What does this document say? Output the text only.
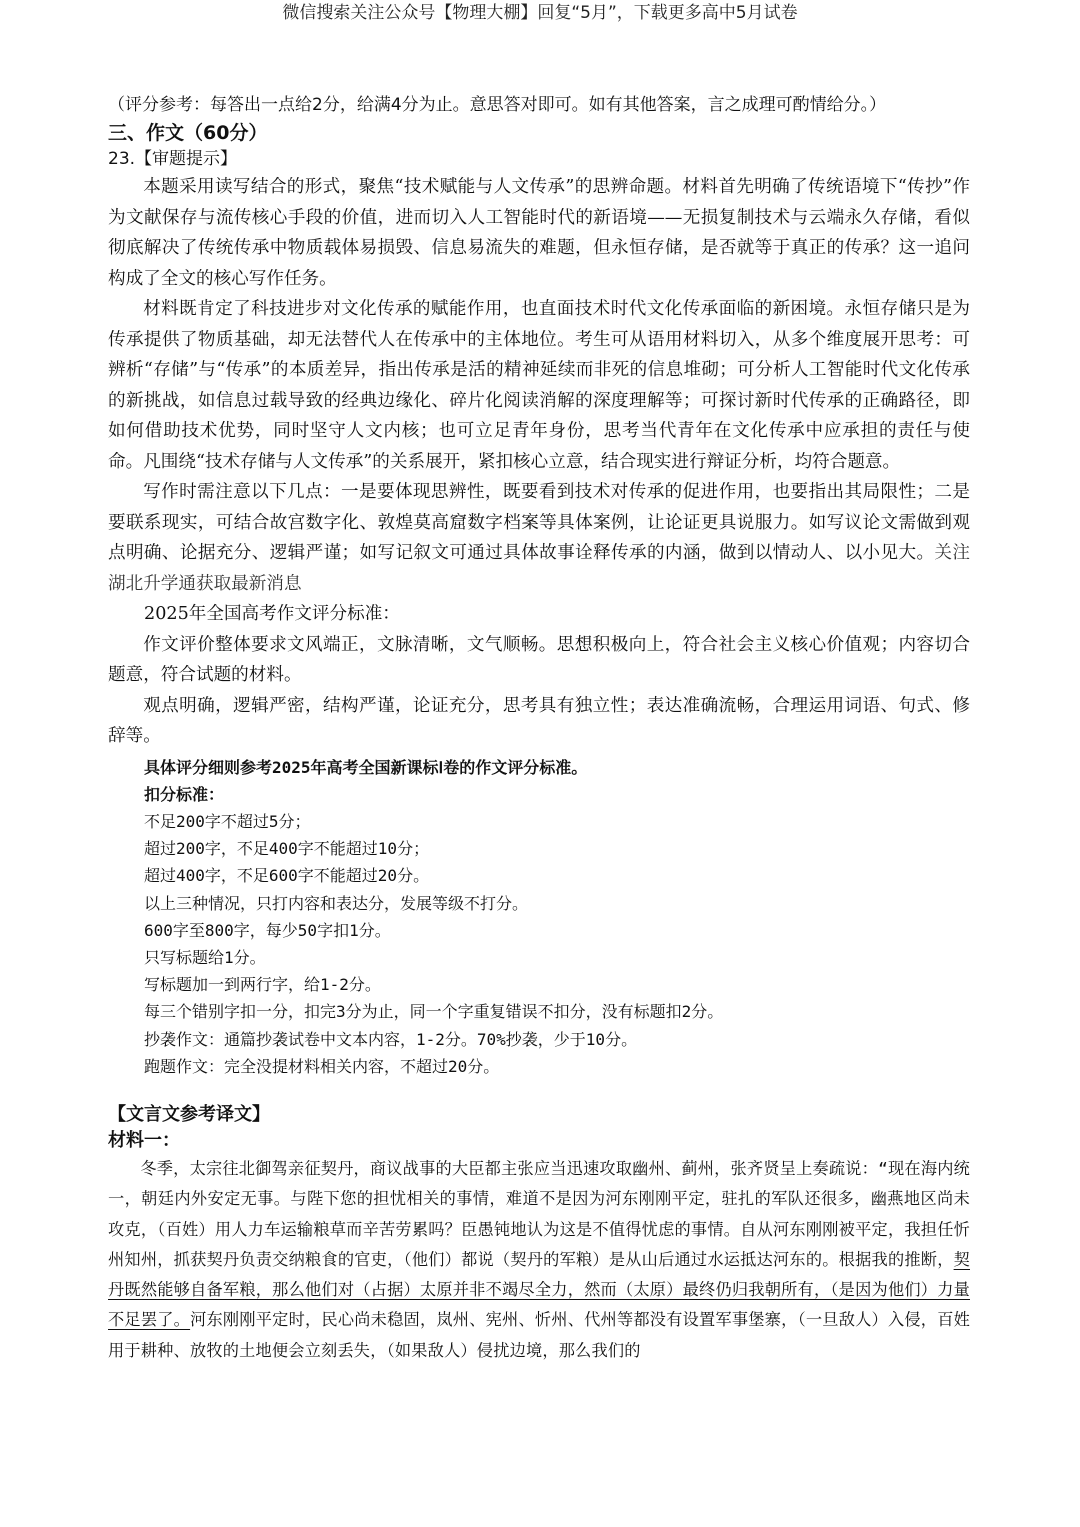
微信搜索关注公众号【物理大棚】回复“5月”，下载更多高中5月试卷

（评分参考：每答出一点给2分，给满4分为止。意思答对即可。如有其他答案，言之成理可酌情给分。）

三、作文（60分）

23.【审题提示】

本题采用读写结合的形式，聚焦“技术赋能与人文传承”的思辨命题。材料首先明确了传统语境下“传抄”作为文献保存与流传核心手段的价值，进而切入人工智能时代的新语境——无损复制技术与云端永久存储，看似彻底解决了传统传承中物质载体易损毁、信息易流失的难题，但永恒存储，是否就等于真正的传承？这一追问构成了全文的核心写作任务。

材料既肯定了科技进步对文化传承的赋能作用，也直面技术时代文化传承面临的新困境。永恒存储只是为传承提供了物质基础，却无法替代人在传承中的主体地位。考生可从语用材料切入，从多个维度展开思考：可辨析“存储”与“传承”的本质差异，指出传承是活的精神延续而非死的信息堆砌；可分析人工智能时代文化传承的新挑战，如信息过载导致的经典边缘化、碎片化阅读消解的深度理解等；可探讨新时代传承的正确路径，即如何借助技术优势，同时坚守人文内核；也可立足青年身份，思考当代青年在文化传承中应承担的责任与使命。凡围绕“技术存储与人文传承”的关系展开，紧扣核心立意，结合现实进行辩证分析，均符合题意。

写作时需注意以下几点：一是要体现思辨性，既要看到技术对传承的促进作用，也要指出其局限性；二是要联系现实，可结合故宫数字化、敦煌莫高窟数字档案等具体案例，让论证更具说服力。如写议论文需做到观点明确、论据充分、逻辑严谨；如写记叙文可通过具体故事诠释传承的内涵，做到以情动人、以小见大。关注湖北升学通获取最新消息

2025年全国高考作文评分标准：

作文评价整体要求文风端正，文脉清晰，文气顺畅。思想积极向上，符合社会主义核心价值观；内容切合题意，符合试题的材料。

观点明确，逻辑严密，结构严谨，论证充分，思考具有独立性；表达准确流畅，合理运用词语、句式、修辞等。

具体评分细则参考2025年高考全国新课标Ⅰ卷的作文评分标准。

扣分标准：

不足200字不超过5分；

超过200字，不足400字不能超过10分；

超过400字，不足600字不能超过20分。

以上三种情况，只打内容和表达分，发展等级不打分。

600字至800字，每少50字扣1分。

只写标题给1分。

写标题加一到两行字，给1-2分。

每三个错别字扣一分，扣完3分为止，同一个字重复错误不扣分，没有标题扣2分。

抄袭作文：通篇抄袭试卷中文本内容，1-2分。70%抄袭，少于10分。

跑题作文：完全没提材料相关内容，不超过20分。

【文言文参考译文】

材料一：

冬季，太宗往北御驾亲征契丹，商议战事的大臣都主张应当迅速攻取幽州、蓟州，张齐贤呈上奏疏说：“现在海内统一，朝廷内外安定无事。与陛下您的担忧相关的事情，难道不是因为河东刚刚平定，驻扎的军队还很多，幽燕地区尚未攻克，（百姓）用人力车运输粮草而辛苦劳累吗？臣愚钝地认为这是不值得忧虑的事情。自从河东刚刚被平定，我担任忻州知州，抓获契丹负责交纳粮食的官吏，（他们）都说（契丹的军粮）是从山后通过水运抵达河东的。根据我的推断，契丹既然能够自备军粮，那么他们对（占据）太原并非不竭尽全力，然而（太原）最终仍归我朝所有，（是因为他们）力量不足罢了。河东刚刚平定时，民心尚未稳固，岚州、宪州、忻州、代州等都没有设置军事堡寨，（一旦敌人）入侵，百姓用于耕种、放牧的土地便会立刻丢失，（如果敌人）侵扰边境，那么我们的
